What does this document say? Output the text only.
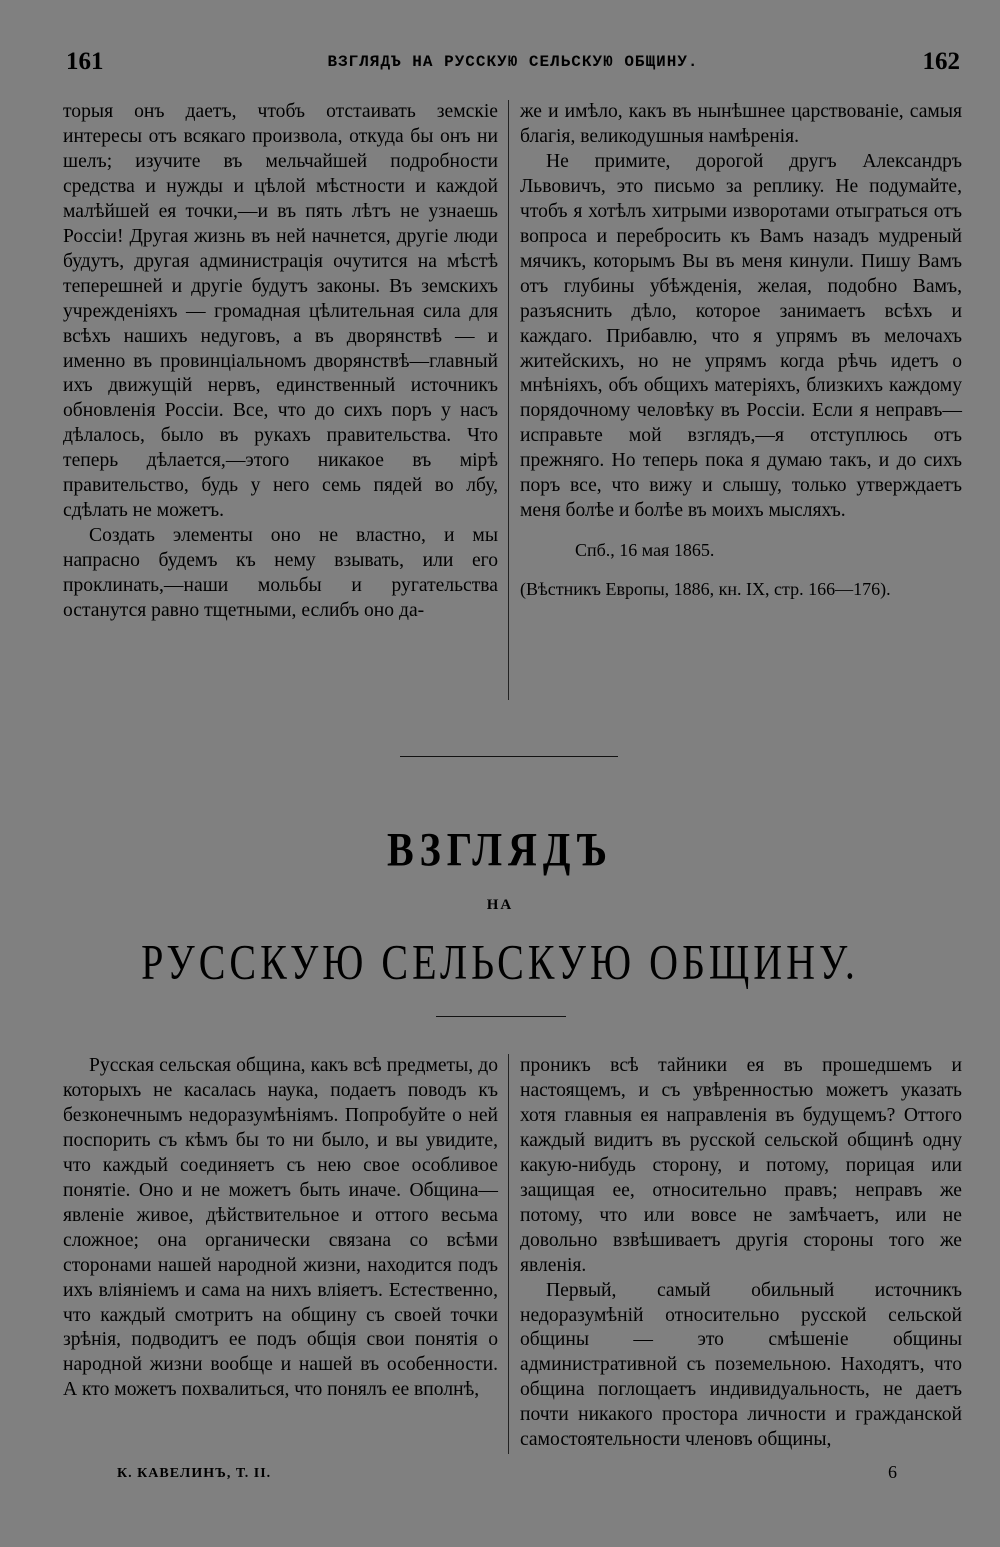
161	ВЗГЛЯДЪ НА РУССКУЮ СЕЛЬСКУЮ ОБЩИНУ.	162

торыя онъ даетъ, чтобъ отстаивать земскіе интересы отъ всякаго произвола, откуда бы онъ ни шелъ; изучите въ мельчайшей подробности средства и нужды и цѣлой мѣстности и каждой малѣйшей ея точки,—и въ пять лѣтъ не узнаешь Россіи! Другая жизнь въ ней начнется, другіе люди будутъ, другая администрація очутится на мѣстѣ теперешней и другіе будутъ законы. Въ земскихъ учрежденіяхъ — громадная цѣлительная сила для всѣхъ нашихъ недуговъ, а въ дворянствѣ — и именно въ провинціальномъ дворянствѣ—главный ихъ движущій нервъ, единственный источникъ обновленія Россіи. Все, что до сихъ поръ у насъ дѣлалось, было въ рукахъ правительства. Что теперь дѣлается,—этого никакое въ мірѣ правительство, будь у него семь пядей во лбу, сдѣлать не можетъ.

Создать элементы оно не властно, и мы напрасно будемъ къ нему взывать, или его проклинать,—наши мольбы и ругательства останутся равно тщетными, еслибъ оно да-

же и имѣло, какъ въ нынѣшнее царствованіе, самыя благія, великодушныя намѣренія.

Не примите, дорогой другъ Александръ Львовичъ, это письмо за реплику. Не подумайте, чтобъ я хотѣлъ хитрыми изворотами отыграться отъ вопроса и перебросить къ Вамъ назадъ мудреный мячикъ, которымъ Вы въ меня кинули. Пишу Вамъ отъ глубины убѣжденія, желая, подобно Вамъ, разъяснить дѣло, которое занимаетъ всѣхъ и каждаго. Прибавлю, что я упрямъ въ мелочахъ житейскихъ, но не упрямъ когда рѣчь идетъ о мнѣніяхъ, объ общихъ матеріяхъ, близкихъ каждому порядочному человѣку въ Россіи. Если я неправъ—исправьте мой взглядъ,—я отступлюсь отъ прежняго. Но теперь пока я думаю такъ, и до сихъ поръ все, что вижу и слышу, только утверждаетъ меня болѣе и болѣе въ моихъ мысляхъ.

Спб., 16 мая 1865.

(Вѣстникъ Европы, 1886, кн. IX, стр. 166—176).

ВЗГЛЯДЪ
НА
РУССКУЮ СЕЛЬСКУЮ ОБЩИНУ.

Русская сельская община, какъ всѣ предметы, до которыхъ не касалась наука, подаетъ поводъ къ безконечнымъ недоразумѣніямъ. Попробуйте о ней поспорить съ кѣмъ бы то ни было, и вы увидите, что каждый соединяетъ съ нею свое особливое понятіе. Оно и не можетъ быть иначе. Община—явленіе живое, дѣйствительное и оттого весьма сложное; она органически связана со всѣми сторонами нашей народной жизни, находится подъ ихъ вліяніемъ и сама на нихъ вліяетъ. Естественно, что каждый смотритъ на общину съ своей точки зрѣнія, подводитъ ее подъ общія свои понятія о народной жизни вообще и нашей въ особенности. А кто можетъ похвалиться, что понялъ ее вполнѣ,

проникъ всѣ тайники ея въ прошедшемъ и настоящемъ, и съ увѣренностью можетъ указать хотя главныя ея направленія въ будущемъ? Оттого каждый видитъ въ русской сельской общинѣ одну какую-нибудь сторону, и потому, порицая или защищая ее, относительно правъ; неправъ же потому, что или вовсе не замѣчаетъ, или не довольно взвѣшиваетъ другія стороны того же явленія.

Первый, самый обильный источникъ недоразумѣній относительно русской сельской общины — это смѣшеніе общины административной съ поземельною. Находятъ, что община поглощаетъ индивидуальность, не даетъ почти никакого простора личности и гражданской самостоятельности членовъ общины,

К. КАВЕЛИНЪ, Т. II.	6
